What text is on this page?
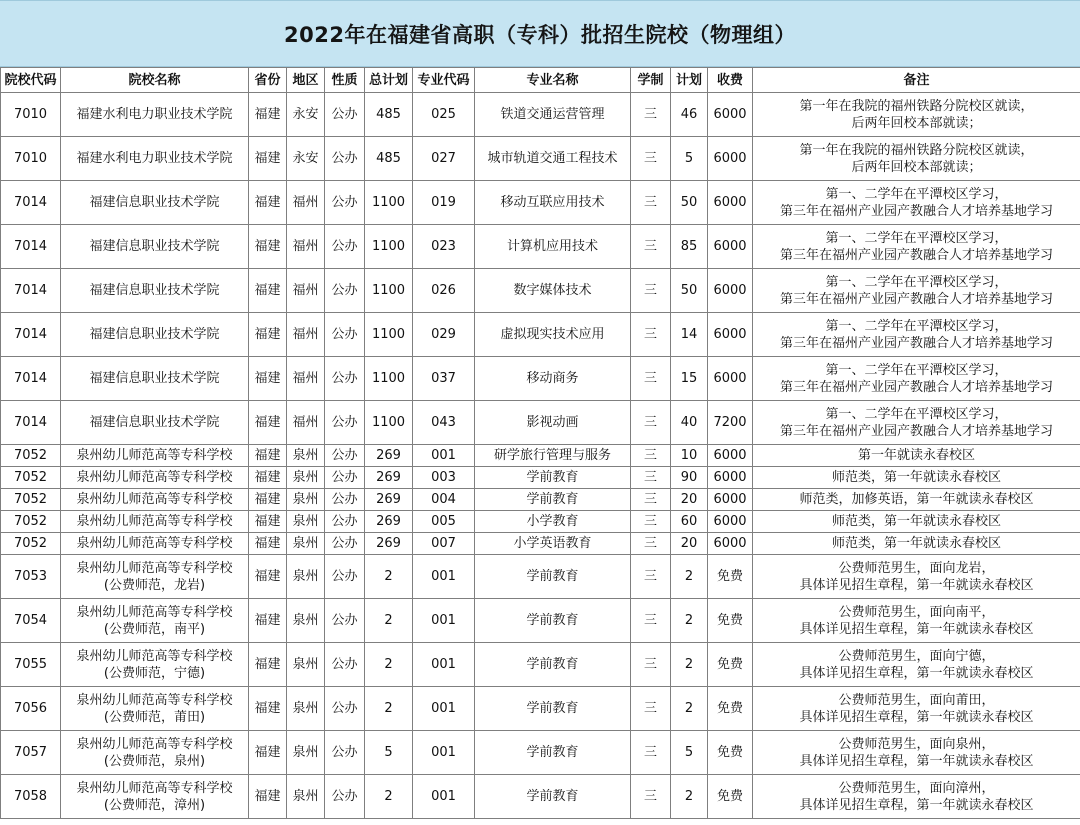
2022年在福建省高职（专科）批招生院校（物理组）
院校代码	院校名称	省份	地区	性质	总计划	专业代码	专业名称	学制	计划	收费	备注
7010	福建水利电力职业技术学院	福建	永安	公办	485	025	铁道交通运营管理	三	46	6000	第一年在我院的福州铁路分院校区就读，
后两年回校本部就读；

7010	福建水利电力职业技术学院	福建	永安	公办	485	027	城市轨道交通工程技术	三	5	6000	第一年在我院的福州铁路分院校区就读，
后两年回校本部就读；

7014	福建信息职业技术学院	福建	福州	公办	1100	019	移动互联应用技术	三	50	6000	第一、二学年在平潭校区学习，
第三年在福州产业园产教融合人才培养基地学习

7014	福建信息职业技术学院	福建	福州	公办	1100	023	计算机应用技术	三	85	6000	第一、二学年在平潭校区学习，
第三年在福州产业园产教融合人才培养基地学习

7014	福建信息职业技术学院	福建	福州	公办	1100	026	数字媒体技术	三	50	6000	第一、二学年在平潭校区学习，
第三年在福州产业园产教融合人才培养基地学习

7014	福建信息职业技术学院	福建	福州	公办	1100	029	虚拟现实技术应用	三	14	6000	第一、二学年在平潭校区学习，
第三年在福州产业园产教融合人才培养基地学习

7014	福建信息职业技术学院	福建	福州	公办	1100	037	移动商务	三	15	6000	第一、二学年在平潭校区学习，
第三年在福州产业园产教融合人才培养基地学习

7014	福建信息职业技术学院	福建	福州	公办	1100	043	影视动画	三	40	7200	第一、二学年在平潭校区学习，
第三年在福州产业园产教融合人才培养基地学习

7052	泉州幼儿师范高等专科学校	福建	泉州	公办	269	001	研学旅行管理与服务	三	10	6000	第一年就读永春校区

7052	泉州幼儿师范高等专科学校	福建	泉州	公办	269	003	学前教育	三	90	6000	师范类，第一年就读永春校区

7052	泉州幼儿师范高等专科学校	福建	泉州	公办	269	004	学前教育	三	20	6000	师范类，加修英语，第一年就读永春校区

7052	泉州幼儿师范高等专科学校	福建	泉州	公办	269	005	小学教育	三	60	6000	师范类，第一年就读永春校区

7052	泉州幼儿师范高等专科学校	福建	泉州	公办	269	007	小学英语教育	三	20	6000	师范类，第一年就读永春校区

7053	泉州幼儿师范高等专科学校
(公费师范，龙岩)	福建	泉州	公办	2	001	学前教育	三	2	免费	公费师范男生，面向龙岩，
具体详见招生章程，第一年就读永春校区

7054	泉州幼儿师范高等专科学校
(公费师范，南平)	福建	泉州	公办	2	001	学前教育	三	2	免费	公费师范男生，面向南平，
具体详见招生章程，第一年就读永春校区

7055	泉州幼儿师范高等专科学校
(公费师范，宁德)	福建	泉州	公办	2	001	学前教育	三	2	免费	公费师范男生，面向宁德，
具体详见招生章程，第一年就读永春校区

7056	泉州幼儿师范高等专科学校
(公费师范，莆田)	福建	泉州	公办	2	001	学前教育	三	2	免费	公费师范男生，面向莆田，
具体详见招生章程，第一年就读永春校区

7057	泉州幼儿师范高等专科学校
(公费师范，泉州)	福建	泉州	公办	5	001	学前教育	三	5	免费	公费师范男生，面向泉州，
具体详见招生章程，第一年就读永春校区

7058	泉州幼儿师范高等专科学校
(公费师范，漳州)	福建	泉州	公办	2	001	学前教育	三	2	免费	公费师范男生，面向漳州，
具体详见招生章程，第一年就读永春校区
